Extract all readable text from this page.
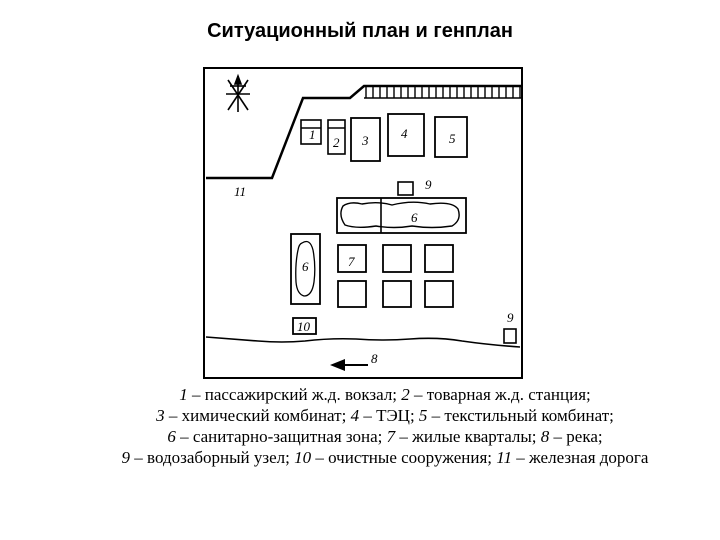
Ситуационный план и генплан
1
2 3	4	5
9
11
6
6	7
10
9
8
1 – пассажирский ж.д. вокзал; 2 – товарная ж.д. станция;
3 – химический комбинат; 4 – ТЭЦ; 5 – текстильный комбинат;
6 – санитарно-защитная зона; 7 – жилые кварталы; 8 – река;
9 – водозаборный узел; 10 – очистные сооружения; 11 – железная дорога
